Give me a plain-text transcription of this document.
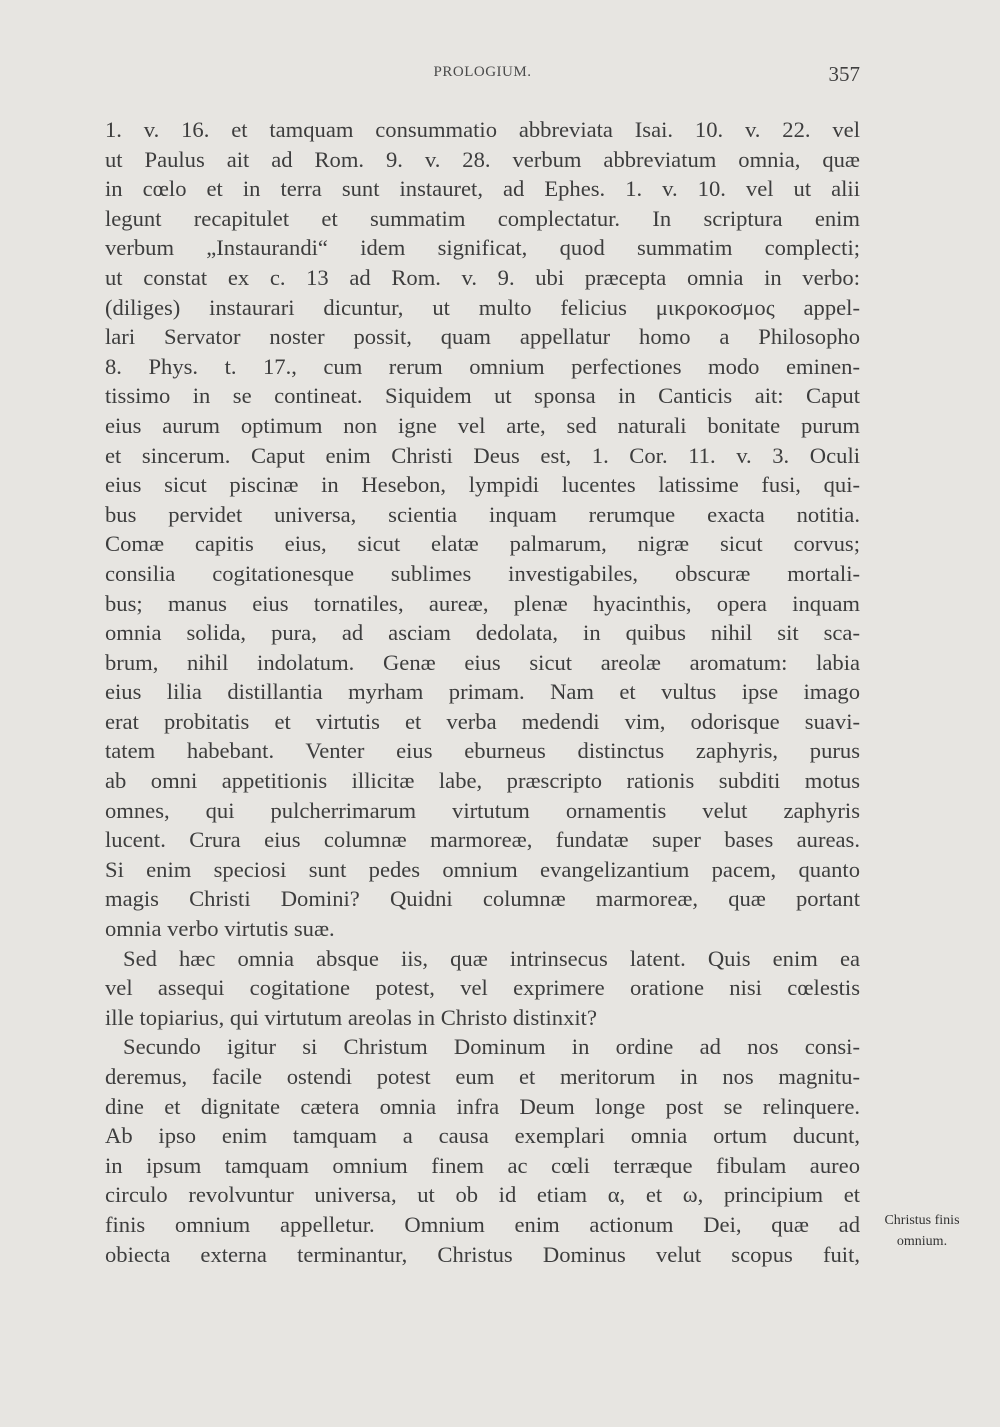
PROLOGIUM.	357
1. v. 16. et tamquam consummatio abbreviata Isai. 10. v. 22. vel
ut Paulus ait ad Rom. 9. v. 28. verbum abbreviatum omnia, quæ
in cœlo et in terra sunt instauret, ad Ephes. 1. v. 10. vel ut alii
legunt recapitulet et summatim complectatur. In scriptura enim
verbum „Instaurandi“ idem significat, quod summatim complecti;
ut constat ex c. 13 ad Rom. v. 9. ubi præcepta omnia in verbo:
(diliges) instaurari dicuntur, ut multo felicius μικροκοσμος appel-
lari Servator noster possit, quam appellatur homo a Philosopho
8. Phys. t. 17., cum rerum omnium perfectiones modo eminen-
tissimo in se contineat. Siquidem ut sponsa in Canticis ait: Caput
eius aurum optimum non igne vel arte, sed naturali bonitate purum
et sincerum. Caput enim Christi Deus est, 1. Cor. 11. v. 3. Oculi
eius sicut piscinæ in Hesebon, lympidi lucentes latissime fusi, qui-
bus pervidet universa, scientia inquam rerumque exacta notitia.
Comæ capitis eius, sicut elatæ palmarum, nigræ sicut corvus;
consilia cogitationesque sublimes investigabiles, obscuræ mortali-
bus; manus eius tornatiles, aureæ, plenæ hyacinthis, opera inquam
omnia solida, pura, ad asciam dedolata, in quibus nihil sit sca-
brum, nihil indolatum. Genæ eius sicut areolæ aromatum: labia
eius lilia distillantia myrham primam. Nam et vultus ipse imago
erat probitatis et virtutis et verba medendi vim, odorisque suavi-
tatem habebant. Venter eius eburneus distinctus zaphyris, purus
ab omni appetitionis illicitæ labe, præscripto rationis subditi motus
omnes, qui pulcherrimarum virtutum ornamentis velut zaphyris
lucent. Crura eius columnæ marmoreæ, fundatæ super bases aureas.
Si enim speciosi sunt pedes omnium evangelizantium pacem, quanto
magis Christi Domini? Quidni columnæ marmoreæ, quæ portant
omnia verbo virtutis suæ.
Sed hæc omnia absque iis, quæ intrinsecus latent. Quis enim ea
vel assequi cogitatione potest, vel exprimere oratione nisi cœlestis
ille topiarius, qui virtutum areolas in Christo distinxit?
Secundo igitur si Christum Dominum in ordine ad nos consi-
deremus, facile ostendi potest eum et meritorum in nos magnitu-
dine et dignitate cætera omnia infra Deum longe post se relinquere.
Ab ipso enim tamquam a causa exemplari omnia ortum ducunt,
in ipsum tamquam omnium finem ac cœli terræque fibulam aureo
circulo revolvuntur universa, ut ob id etiam α, et ω, principium et
finis omnium appelletur. Omnium enim actionum Dei, quæ ad
obiecta externa terminantur, Christus Dominus velut scopus fuit,
Christus finis
omnium.
